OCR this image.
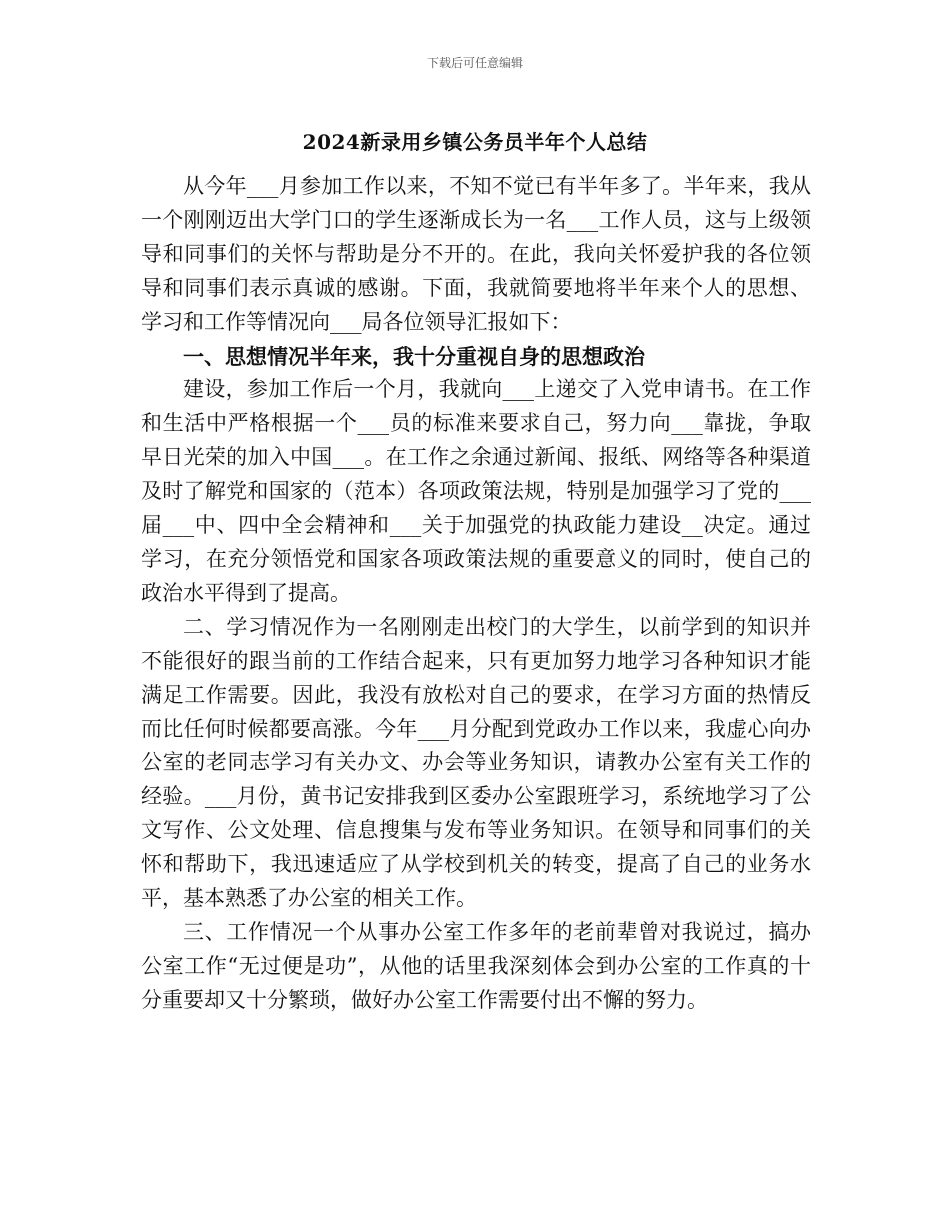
下载后可任意编辑
2024新录用乡镇公务员半年个人总结

从今年___月参加工作以来，不知不觉已有半年多了。半年来，我从一个刚刚迈出大学门口的学生逐渐成长为一名___工作人员，这与上级领导和同事们的关怀与帮助是分不开的。在此，我向关怀爱护我的各位领导和同事们表示真诚的感谢。下面，我就简要地将半年来个人的思想、学习和工作等情况向___局各位领导汇报如下：

一、思想情况半年来，我十分重视自身的思想政治

建设，参加工作后一个月，我就向___上递交了入党申请书。在工作和生活中严格根据一个___员的标准来要求自己，努力向___靠拢，争取早日光荣的加入中国___。在工作之余通过新闻、报纸、网络等各种渠道及时了解党和国家的（范本）各项政策法规，特别是加强学习了党的___届___中、四中全会精神和___关于加强党的执政能力建设__决定。通过学习，在充分领悟党和国家各项政策法规的重要意义的同时，使自己的政治水平得到了提高。

二、学习情况作为一名刚刚走出校门的大学生，以前学到的知识并不能很好的跟当前的工作结合起来，只有更加努力地学习各种知识才能满足工作需要。因此，我没有放松对自己的要求，在学习方面的热情反而比任何时候都要高涨。今年___月分配到党政办工作以来，我虚心向办公室的老同志学习有关办文、办会等业务知识，请教办公室有关工作的经验。___月份，黄书记安排我到区委办公室跟班学习，系统地学习了公文写作、公文处理、信息搜集与发布等业务知识。在领导和同事们的关怀和帮助下，我迅速适应了从学校到机关的转变，提高了自己的业务水平，基本熟悉了办公室的相关工作。

三、工作情况一个从事办公室工作多年的老前辈曾对我说过，搞办公室工作“无过便是功”，从他的话里我深刻体会到办公室的工作真的十分重要却又十分繁琐，做好办公室工作需要付出不懈的努力。
